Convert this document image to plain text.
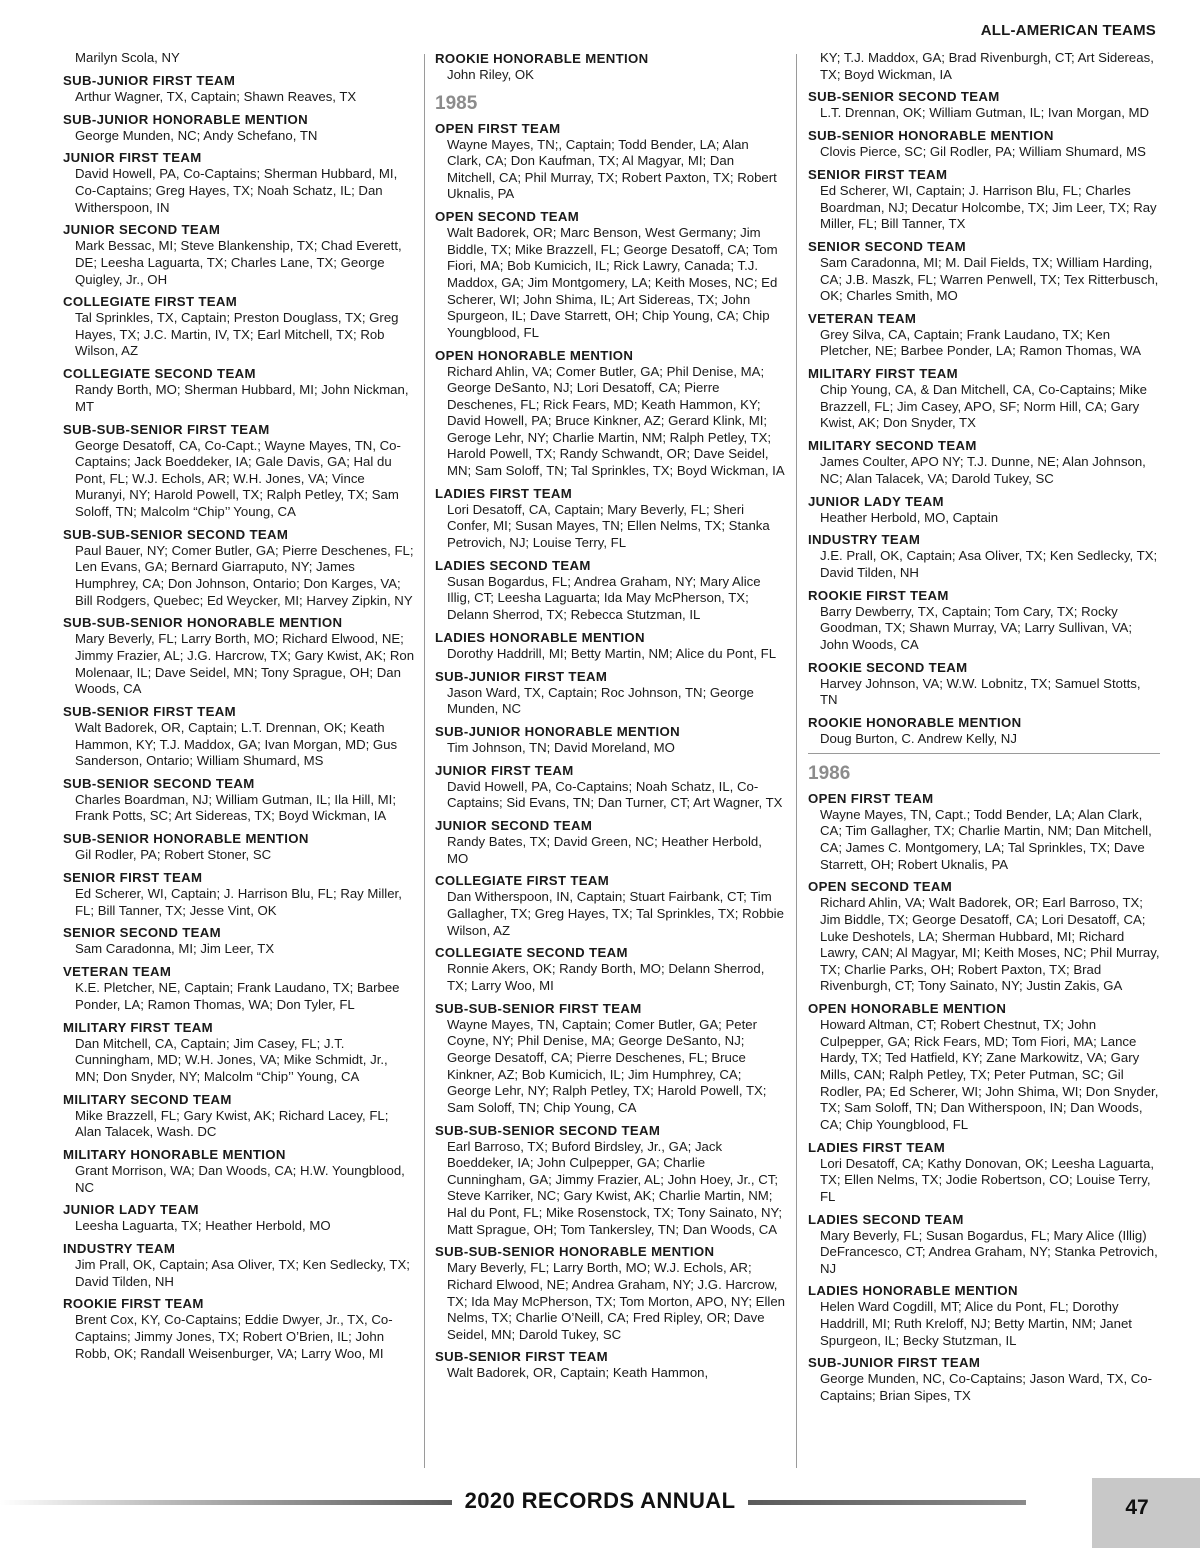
ALL-AMERICAN TEAMS
Marilyn Scola, NY
SUB-JUNIOR FIRST TEAM
Arthur Wagner, TX, Captain; Shawn Reaves, TX
SUB-JUNIOR HONORABLE MENTION
George Munden, NC; Andy Schefano, TN
JUNIOR FIRST TEAM
David Howell, PA, Co-Captains; Sherman Hubbard, MI, Co-Captains; Greg Hayes, TX; Noah Schatz, IL; Dan Witherspoon, IN
JUNIOR SECOND TEAM
Mark Bessac, MI; Steve Blankenship, TX; Chad Everett, DE; Leesha Laguarta, TX; Charles Lane, TX; George Quigley, Jr., OH
COLLEGIATE FIRST TEAM
Tal Sprinkles, TX, Captain; Preston Douglass, TX; Greg Hayes, TX; J.C. Martin, IV, TX; Earl Mitchell, TX; Rob Wilson, AZ
COLLEGIATE SECOND TEAM
Randy Borth, MO; Sherman Hubbard, MI; John Nickman, MT
SUB-SUB-SENIOR FIRST TEAM
George Desatoff, CA, Co-Capt.; Wayne Mayes, TN, Co-Captains; Jack Boeddeker, IA; Gale Davis, GA; Hal du Pont, FL; W.J. Echols, AR; W.H. Jones, VA; Vince Muranyi, NY; Harold Powell, TX; Ralph Petley, TX; Sam Soloff, TN; Malcolm “Chip’’ Young, CA
SUB-SUB-SENIOR SECOND TEAM
Paul Bauer, NY; Comer Butler, GA; Pierre Deschenes, FL; Len Evans, GA; Bernard Giarraputo, NY; James Humphrey, CA; Don Johnson, Ontario; Don Karges, VA; Bill Rodgers, Quebec; Ed Weycker, MI; Harvey Zipkin, NY
SUB-SUB-SENIOR HONORABLE MENTION
Mary Beverly, FL; Larry Borth, MO; Richard Elwood, NE; Jimmy Frazier, AL; J.G. Harcrow, TX; Gary Kwist, AK; Ron Molenaar, IL; Dave Seidel, MN; Tony Sprague, OH; Dan Woods, CA
SUB-SENIOR FIRST TEAM
Walt Badorek, OR, Captain; L.T. Drennan, OK; Keath Hammon, KY; T.J. Maddox, GA; Ivan Morgan, MD; Gus Sanderson, Ontario; William Shumard, MS
SUB-SENIOR SECOND TEAM
Charles Boardman, NJ; William Gutman, IL; Ila Hill, MI; Frank Potts, SC; Art Sidereas, TX; Boyd Wickman, IA
SUB-SENIOR HONORABLE MENTION
Gil Rodler, PA; Robert Stoner, SC
SENIOR FIRST TEAM
Ed Scherer, WI, Captain; J. Harrison Blu, FL; Ray Miller, FL; Bill Tanner, TX; Jesse Vint, OK
SENIOR SECOND TEAM
Sam Caradonna, MI; Jim Leer, TX
VETERAN TEAM
K.E. Pletcher, NE, Captain; Frank Laudano, TX; Barbee Ponder, LA; Ramon Thomas, WA; Don Tyler, FL
MILITARY FIRST TEAM
Dan Mitchell, CA, Captain; Jim Casey, FL; J.T. Cunningham, MD; W.H. Jones, VA; Mike Schmidt, Jr., MN; Don Snyder, NY; Malcolm “Chip’’ Young, CA
MILITARY SECOND TEAM
Mike Brazzell, FL; Gary Kwist, AK; Richard Lacey, FL; Alan Talacek, Wash. DC
MILITARY HONORABLE MENTION
Grant Morrison, WA; Dan Woods, CA; H.W. Youngblood, NC
JUNIOR LADY TEAM
Leesha Laguarta, TX; Heather Herbold, MO
INDUSTRY TEAM
Jim Prall, OK, Captain; Asa Oliver, TX; Ken Sedlecky, TX; David Tilden, NH
ROOKIE FIRST TEAM
Brent Cox, KY, Co-Captains; Eddie Dwyer, Jr., TX, Co-Captains; Jimmy Jones, TX; Robert O’Brien, IL; John Robb, OK; Randall Weisenburger, VA; Larry Woo, MI
ROOKIE HONORABLE MENTION
John Riley, OK
1985
OPEN FIRST TEAM
Wayne Mayes, TN;, Captain; Todd Bender, LA; Alan Clark, CA; Don Kaufman, TX; Al Magyar, MI; Dan Mitchell, CA; Phil Murray, TX; Robert Paxton, TX; Robert Uknalis, PA
OPEN SECOND TEAM
Walt Badorek, OR; Marc Benson, West Germany; Jim Biddle, TX; Mike Brazzell, FL; George Desatoff, CA; Tom Fiori, MA; Bob Kumicich, IL; Rick Lawry, Canada; T.J. Maddox, GA; Jim Montgomery, LA; Keith Moses, NC; Ed Scherer, WI; John Shima, IL; Art Sidereas, TX; John Spurgeon, IL; Dave Starrett, OH; Chip Young, CA; Chip Youngblood, FL
OPEN HONORABLE MENTION
Richard Ahlin, VA; Comer Butler, GA; Phil Denise, MA; George DeSanto, NJ; Lori Desatoff, CA; Pierre Deschenes, FL; Rick Fears, MD; Keath Hammon, KY; David Howell, PA; Bruce Kinkner, AZ; Gerard Klink, MI; Geroge Lehr, NY; Charlie Martin, NM; Ralph Petley, TX; Harold Powell, TX; Randy Schwandt, OR; Dave Seidel, MN; Sam Soloff, TN; Tal Sprinkles, TX; Boyd Wickman, IA
LADIES FIRST TEAM
Lori Desatoff, CA, Captain; Mary Beverly, FL; Sheri Confer, MI; Susan Mayes, TN; Ellen Nelms, TX; Stanka Petrovich, NJ; Louise Terry, FL
LADIES SECOND TEAM
Susan Bogardus, FL; Andrea Graham, NY; Mary Alice Illig, CT; Leesha Laguarta; Ida May McPherson, TX; Delann Sherrod, TX; Rebecca Stutzman, IL
LADIES HONORABLE MENTION
Dorothy Haddrill, MI; Betty Martin, NM; Alice du Pont, FL
SUB-JUNIOR FIRST TEAM
Jason Ward, TX, Captain; Roc Johnson, TN; George Munden, NC
SUB-JUNIOR HONORABLE MENTION
Tim Johnson, TN; David Moreland, MO
JUNIOR FIRST TEAM
David Howell, PA, Co-Captains; Noah Schatz, IL, Co-Captains; Sid Evans, TN; Dan Turner, CT; Art Wagner, TX
JUNIOR SECOND TEAM
Randy Bates, TX; David Green, NC; Heather Herbold, MO
COLLEGIATE FIRST TEAM
Dan Witherspoon, IN, Captain; Stuart Fairbank, CT; Tim Gallagher, TX; Greg Hayes, TX; Tal Sprinkles, TX; Robbie Wilson, AZ
COLLEGIATE SECOND TEAM
Ronnie Akers, OK; Randy Borth, MO; Delann Sherrod, TX; Larry Woo, MI
SUB-SUB-SENIOR FIRST TEAM
Wayne Mayes, TN, Captain; Comer Butler, GA; Peter Coyne, NY; Phil Denise, MA; George DeSanto, NJ; George Desatoff, CA; Pierre Deschenes, FL; Bruce Kinkner, AZ; Bob Kumicich, IL; Jim Humphrey, CA; George Lehr, NY; Ralph Petley, TX; Harold Powell, TX; Sam Soloff, TN; Chip Young, CA
SUB-SUB-SENIOR SECOND TEAM
Earl Barroso, TX; Buford Birdsley, Jr., GA; Jack Boeddeker, IA; John Culpepper, GA; Charlie Cunningham, GA; Jimmy Frazier, AL; John Hoey, Jr., CT; Steve Karriker, NC; Gary Kwist, AK; Charlie Martin, NM; Hal du Pont, FL; Mike Rosenstock, TX; Tony Sainato, NY; Matt Sprague, OH; Tom Tankersley, TN; Dan Woods, CA
SUB-SUB-SENIOR HONORABLE MENTION
Mary Beverly, FL; Larry Borth, MO; W.J. Echols, AR; Richard Elwood, NE; Andrea Graham, NY; J.G. Harcrow, TX; Ida May McPherson, TX; Tom Morton, APO, NY; Ellen Nelms, TX; Charlie O’Neill, CA; Fred Ripley, OR; Dave Seidel, MN; Darold Tukey, SC
SUB-SENIOR FIRST TEAM
Walt Badorek, OR, Captain; Keath Hammon,
KY; T.J. Maddox, GA; Brad Rivenburgh, CT; Art Sidereas, TX; Boyd Wickman, IA
SUB-SENIOR SECOND TEAM
L.T. Drennan, OK; William Gutman, IL; Ivan Morgan, MD
SUB-SENIOR HONORABLE MENTION
Clovis Pierce, SC; Gil Rodler, PA; William Shumard, MS
SENIOR FIRST TEAM
Ed Scherer, WI, Captain; J. Harrison Blu, FL; Charles Boardman, NJ; Decatur Holcombe, TX; Jim Leer, TX; Ray Miller, FL; Bill Tanner, TX
SENIOR SECOND TEAM
Sam Caradonna, MI; M. Dail Fields, TX; William Harding, CA; J.B. Maszk, FL; Warren Penwell, TX; Tex Ritterbusch, OK; Charles Smith, MO
VETERAN TEAM
Grey Silva, CA, Captain; Frank Laudano, TX; Ken Pletcher, NE; Barbee Ponder, LA; Ramon Thomas, WA
MILITARY FIRST TEAM
Chip Young, CA, & Dan Mitchell, CA, Co-Captains; Mike Brazzell, FL; Jim Casey, APO, SF; Norm Hill, CA; Gary Kwist, AK; Don Snyder, TX
MILITARY SECOND TEAM
James Coulter, APO NY; T.J. Dunne, NE; Alan Johnson, NC; Alan Talacek, VA; Darold Tukey, SC
JUNIOR LADY TEAM
Heather Herbold, MO, Captain
INDUSTRY TEAM
J.E. Prall, OK, Captain; Asa Oliver, TX; Ken Sedlecky, TX; David Tilden, NH
ROOKIE FIRST TEAM
Barry Dewberry, TX, Captain; Tom Cary, TX; Rocky Goodman, TX; Shawn Murray, VA; Larry Sullivan, VA; John Woods, CA
ROOKIE SECOND TEAM
Harvey Johnson, VA; W.W. Lobnitz, TX; Samuel Stotts, TN
ROOKIE HONORABLE MENTION
Doug Burton, C. Andrew Kelly, NJ
1986
OPEN FIRST TEAM
Wayne Mayes, TN, Capt.; Todd Bender, LA; Alan Clark, CA; Tim Gallagher, TX; Charlie Martin, NM; Dan Mitchell, CA; James C. Montgomery, LA; Tal Sprinkles, TX; Dave Starrett, OH; Robert Uknalis, PA
OPEN SECOND TEAM
Richard Ahlin, VA; Walt Badorek, OR; Earl Barroso, TX; Jim Biddle, TX; George Desatoff, CA; Lori Desatoff, CA; Luke Deshotels, LA; Sherman Hubbard, MI; Richard Lawry, CAN; Al Magyar, MI; Keith Moses, NC; Phil Murray, TX; Charlie Parks, OH; Robert Paxton, TX; Brad Rivenburgh, CT; Tony Sainato, NY; Justin Zakis, GA
OPEN HONORABLE MENTION
Howard Altman, CT; Robert Chestnut, TX; John Culpepper, GA; Rick Fears, MD; Tom Fiori, MA; Lance Hardy, TX; Ted Hatfield, KY; Zane Markowitz, VA; Gary Mills, CAN; Ralph Petley, TX; Peter Putman, SC; Gil Rodler, PA; Ed Scherer, WI; John Shima, WI; Don Snyder, TX; Sam Soloff, TN; Dan Witherspoon, IN; Dan Woods, CA; Chip Youngblood, FL
LADIES FIRST TEAM
Lori Desatoff, CA; Kathy Donovan, OK; Leesha Laguarta, TX; Ellen Nelms, TX; Jodie Robertson, CO; Louise Terry, FL
LADIES SECOND TEAM
Mary Beverly, FL; Susan Bogardus, FL; Mary Alice (Illig) DeFrancesco, CT; Andrea Graham, NY; Stanka Petrovich, NJ
LADIES HONORABLE MENTION
Helen Ward Cogdill, MT; Alice du Pont, FL; Dorothy Haddrill, MI; Ruth Kreloff, NJ; Betty Martin, NM; Janet Spurgeon, IL; Becky Stutzman, IL
SUB-JUNIOR FIRST TEAM
George Munden, NC, Co-Captains; Jason Ward, TX, Co-Captains; Brian Sipes, TX
2020 RECORDS ANNUAL	47
